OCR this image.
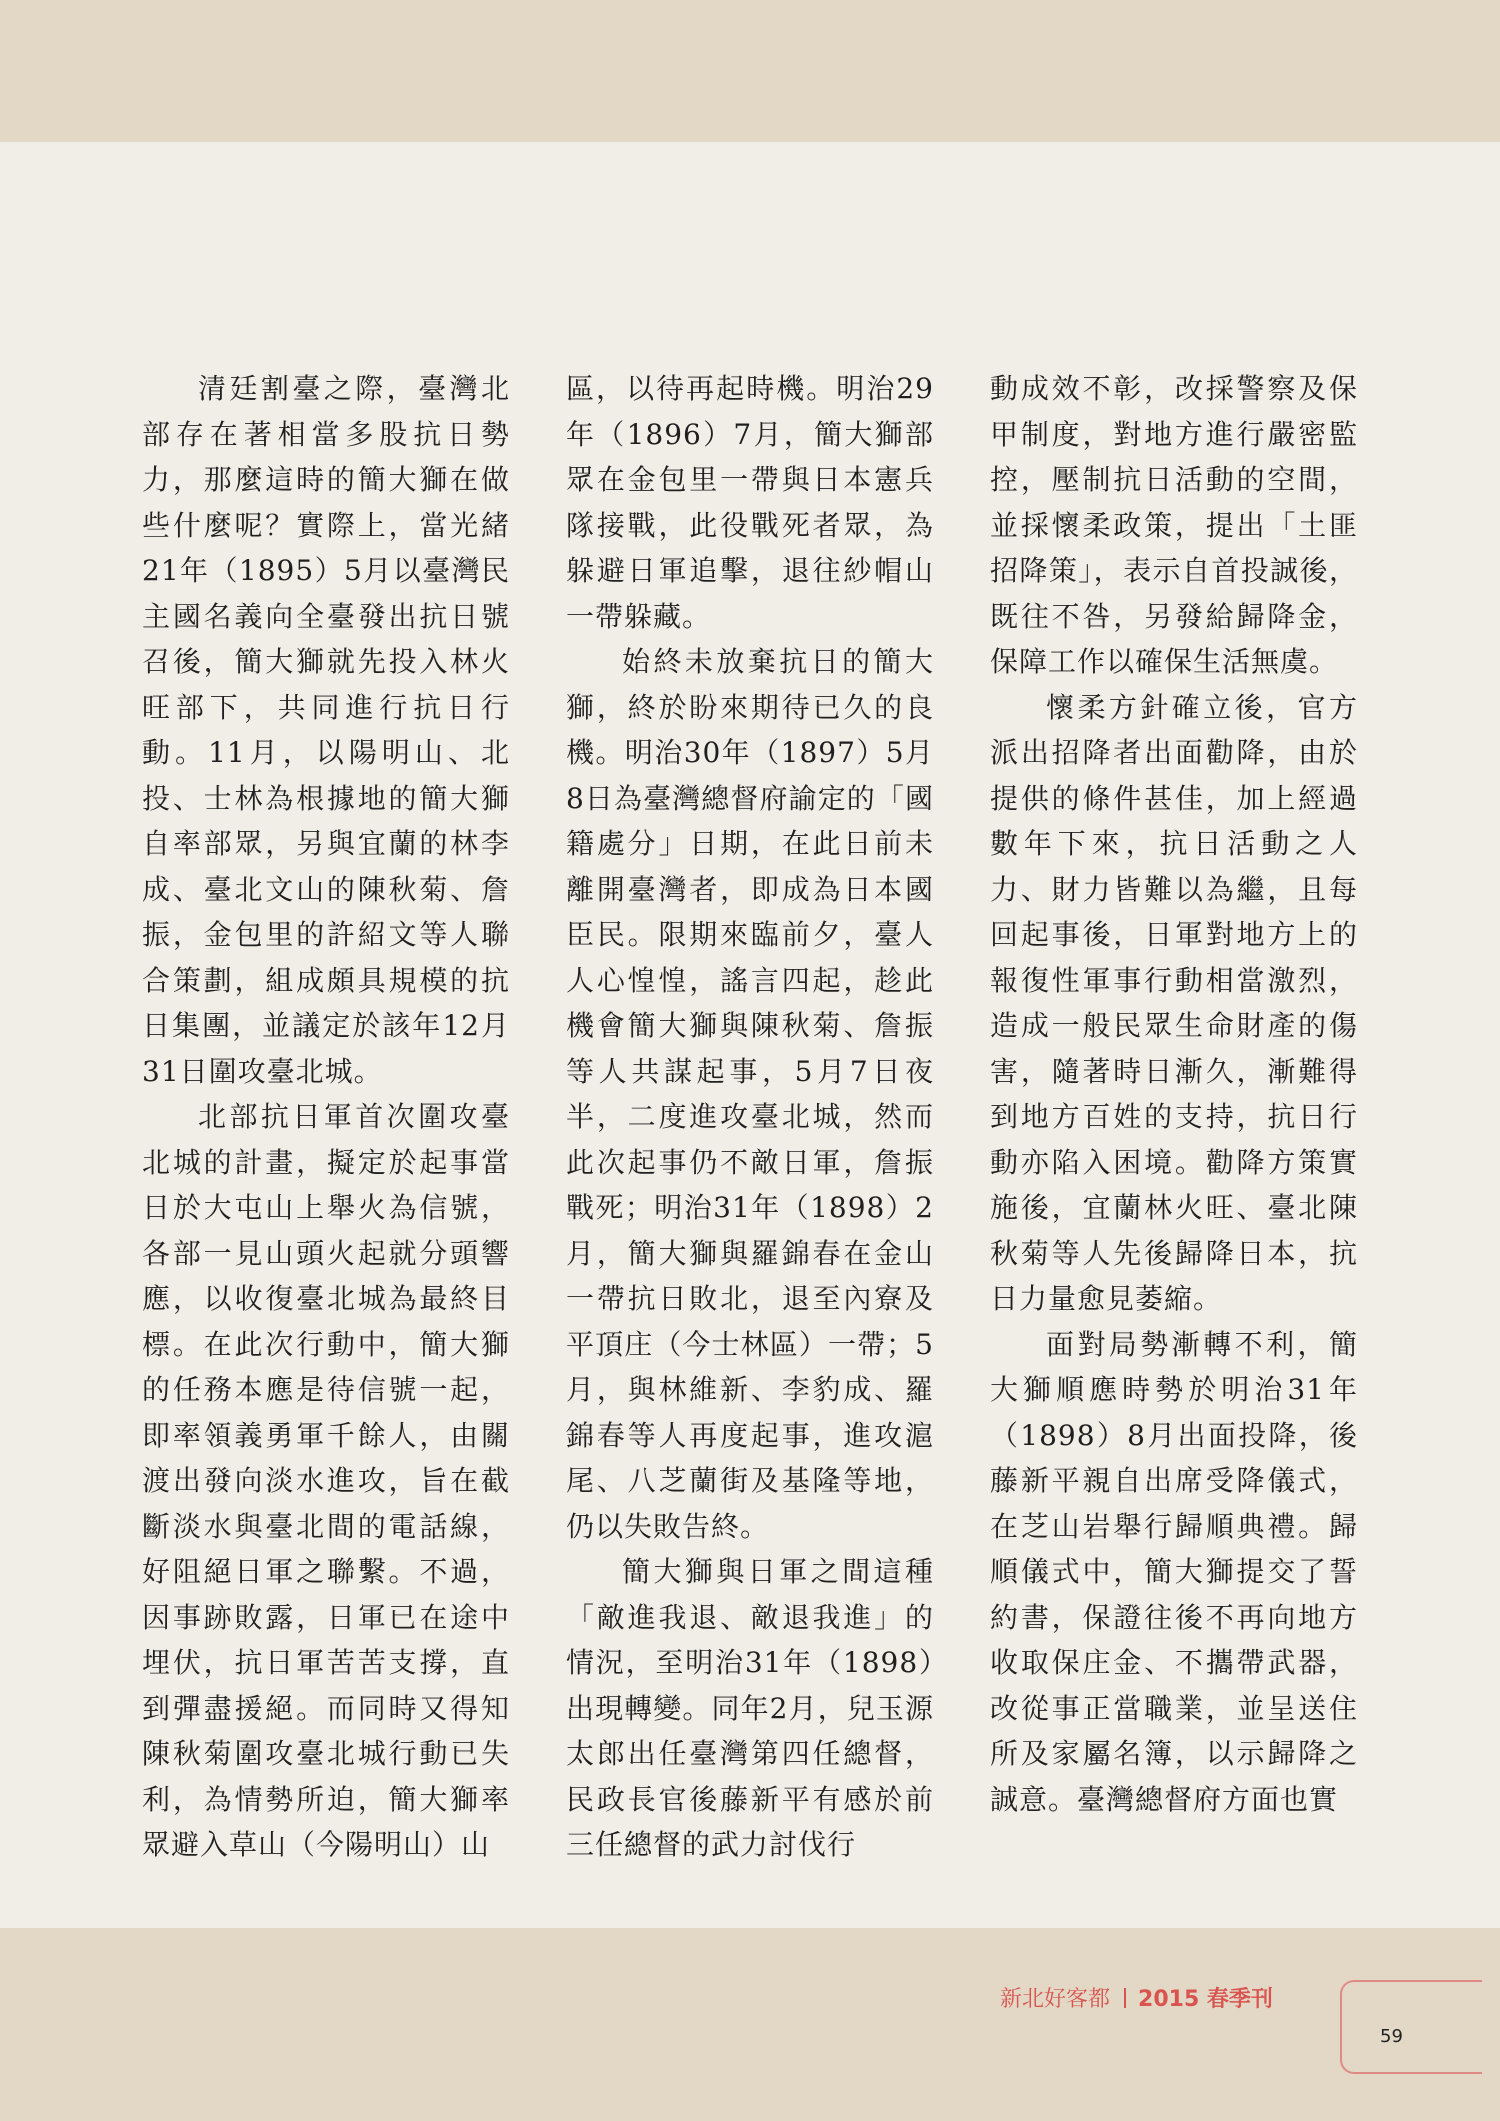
清廷割臺之際，臺灣北部存在著相當多股抗日勢力，那麼這時的簡大獅在做些什麼呢？實際上，當光緒21年（1895）5月以臺灣民主國名義向全臺發出抗日號召後，簡大獅就先投入林火旺部下，共同進行抗日行動。11月，以陽明山、北投、士林為根據地的簡大獅自率部眾，另與宜蘭的林李成、臺北文山的陳秋菊、詹振，金包里的許紹文等人聯合策劃，組成頗具規模的抗日集團，並議定於該年12月31日圍攻臺北城。

北部抗日軍首次圍攻臺北城的計畫，擬定於起事當日於大屯山上舉火為信號，各部一見山頭火起就分頭響應，以收復臺北城為最終目標。在此次行動中，簡大獅的任務本應是待信號一起，即率領義勇軍千餘人，由關渡出發向淡水進攻，旨在截斷淡水與臺北間的電話線，好阻絕日軍之聯繫。不過，因事跡敗露，日軍已在途中埋伏，抗日軍苦苦支撐，直到彈盡援絕。而同時又得知陳秋菊圍攻臺北城行動已失利，為情勢所迫，簡大獅率眾避入草山（今陽明山）山

區，以待再起時機。明治29年（1896）7月，簡大獅部眾在金包里一帶與日本憲兵隊接戰，此役戰死者眾，為躲避日軍追擊，退往紗帽山一帶躲藏。

始終未放棄抗日的簡大獅，終於盼來期待已久的良機。明治30年（1897）5月8日為臺灣總督府諭定的「國籍處分」日期，在此日前未離開臺灣者，即成為日本國臣民。限期來臨前夕，臺人人心惶惶，謠言四起，趁此機會簡大獅與陳秋菊、詹振等人共謀起事，5月7日夜半，二度進攻臺北城，然而此次起事仍不敵日軍，詹振戰死；明治31年（1898）2月，簡大獅與羅錦春在金山一帶抗日敗北，退至內寮及平頂庄（今士林區）一帶；5月，與林維新、李豹成、羅錦春等人再度起事，進攻滬尾、八芝蘭街及基隆等地，仍以失敗告終。

簡大獅與日軍之間這種「敵進我退、敵退我進」的情況，至明治31年（1898）出現轉變。同年2月，兒玉源太郎出任臺灣第四任總督，民政長官後藤新平有感於前三任總督的武力討伐行

動成效不彰，改採警察及保甲制度，對地方進行嚴密監控，壓制抗日活動的空間，並採懷柔政策，提出「土匪招降策」，表示自首投誠後，既往不咎，另發給歸降金，保障工作以確保生活無虞。

懷柔方針確立後，官方派出招降者出面勸降，由於提供的條件甚佳，加上經過數年下來，抗日活動之人力、財力皆難以為繼，且每回起事後，日軍對地方上的報復性軍事行動相當激烈，造成一般民眾生命財產的傷害，隨著時日漸久，漸難得到地方百姓的支持，抗日行動亦陷入困境。勸降方策實施後，宜蘭林火旺、臺北陳秋菊等人先後歸降日本，抗日力量愈見萎縮。

面對局勢漸轉不利，簡大獅順應時勢於明治31年（1898）8月出面投降，後藤新平親自出席受降儀式，在芝山岩舉行歸順典禮。歸順儀式中，簡大獅提交了誓約書，保證往後不再向地方收取保庄金、不攜帶武器，改從事正當職業，並呈送住所及家屬名簿，以示歸降之誠意。臺灣總督府方面也實

新北好客都 2015 春季刊
59
